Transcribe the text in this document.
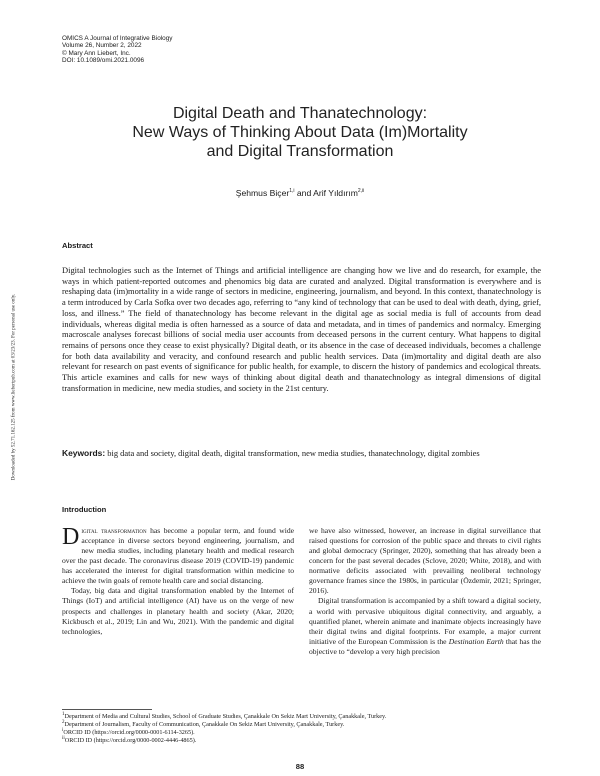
OMICS A Journal of Integrative Biology
Volume 26, Number 2, 2022
© Mary Ann Liebert, Inc.
DOI: 10.1089/omi.2021.0096
Digital Death and Thanatechnology:
New Ways of Thinking About Data (Im)Mortality
and Digital Transformation
Şehmus Biçer$^{1,i}$ and Arif Yıldırım$^{2,ii}$
Abstract

Digital technologies such as the Internet of Things and artificial intelligence are changing how we live and do research, for example, the ways in which patient-reported outcomes and phenomics big data are curated and analyzed. Digital transformation is everywhere and is reshaping data (im)mortality in a wide range of sectors in medicine, engineering, journalism, and beyond. In this context, thanatechnology is a term introduced by Carla Sofka over two decades ago, referring to “any kind of technology that can be used to deal with death, dying, grief, loss, and illness.” The field of thanatechnology has become relevant in the digital age as social media is full of accounts from dead individuals, whereas digital media is often harnessed as a source of data and metadata, and in times of pandemics and normalcy. Emerging macroscale analyses forecast billions of social media user accounts from deceased persons in the current century. What happens to digital remains of persons once they cease to exist physically? Digital death, or its absence in the case of deceased individuals, becomes a challenge for both data availability and veracity, and confound research and public health services. Data (im)mortality and digital death are also relevant for research on past events of significance for public health, for example, to discern the history of pandemics and ecological threats. This article examines and calls for new ways of thinking about digital death and thanatechnology as integral dimensions of digital transformation in medicine, new media studies, and society in the 21st century.

Keywords: big data and society, digital death, digital transformation, new media studies, thanatechnology, digital zombies

Downloaded by 52.71.162.125 from www.liebertpub.com at 03/23/23. For personal use only.
Introduction

Digital transformation has become a popular term, and found wide acceptance in diverse sectors beyond engineering, journalism, and new media studies, including planetary health and medical research over the past decade. The coronavirus disease 2019 (COVID-19) pandemic has accelerated the interest for digital transformation within medicine to achieve the twin goals of remote health care and social distancing.

Today, big data and digital transformation enabled by the Internet of Things (IoT) and artificial intelligence (AI) have us on the verge of new prospects and challenges in planetary health and society (Akar, 2020; Kickbusch et al., 2019; Lin and Wu, 2021). With the pandemic and digital technologies,

we have also witnessed, however, an increase in digital surveillance that raised questions for corrosion of the public space and threats to civil rights and global democracy (Springer, 2020), something that has already been a concern for the past several decades (Sclove, 2020; White, 2018), and with normative deficits associated with prevailing neoliberal technology governance frames since the 1980s, in particular (Özdemir, 2021; Springer, 2016).

Digital transformation is accompanied by a shift toward a digital society, a world with pervasive ubiquitous digital connectivity, and arguably, a quantified planet, wherein animate and inanimate objects increasingly have their digital twins and digital footprints. For example, a major current initiative of the European Commission is the Destination Earth that has the objective to “develop a very high precision

$^1$Department of Media and Cultural Studies, School of Graduate Studies, Çanakkale On Sekiz Mart University, Çanakkale, Turkey.
$^2$Department of Journalism, Faculty of Communication, Çanakkale On Sekiz Mart University, Çanakkale, Turkey.
$^i$ORCID ID (https://orcid.org/0000-0001-6114-3265).
$^{ii}$ORCID ID (https://orcid.org/0000-0002-4446-4865).
88
